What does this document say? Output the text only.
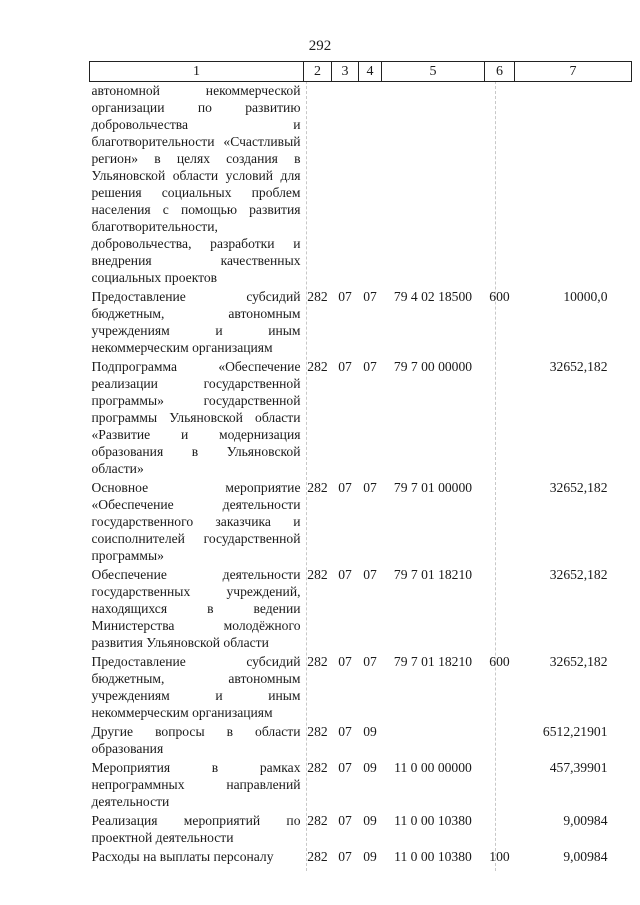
292
1	2	3	4	5	6	7
автономной некоммерческой организации по развитию добровольчества и благотворительности «Счастливый регион» в целях создания в Ульяновской области условий для решения социальных проблем населения с помощью развития благотворительности, добровольчества, разработки и внедрения качественных социальных проектов						
Предоставление субсидий бюджетным, автономным учреждениям и иным некоммерческим организациям	282	07	07	79 4 02 18500	600	10000,0
Подпрограмма «Обеспечение реализации государственной программы» государственной программы Ульяновской области «Развитие и модернизация образования в Ульяновской области»	282	07	07	79 7 00 00000		32652,182
Основное мероприятие «Обеспечение деятельности государственного заказчика и соисполнителей государственной программы»	282	07	07	79 7 01 00000		32652,182
Обеспечение деятельности государственных учреждений, находящихся в ведении Министерства молодёжного развития Ульяновской области	282	07	07	79 7 01 18210		32652,182
Предоставление субсидий бюджетным, автономным учреждениям и иным некоммерческим организациям	282	07	07	79 7 01 18210	600	32652,182
Другие вопросы в области образования	282	07	09			6512,21901
Мероприятия в рамках непрограммных направлений деятельности	282	07	09	11 0 00 00000		457,39901
Реализация мероприятий по проектной деятельности	282	07	09	11 0 00 10380		9,00984
Расходы на выплаты персоналу	282	07	09	11 0 00 10380	100	9,00984
